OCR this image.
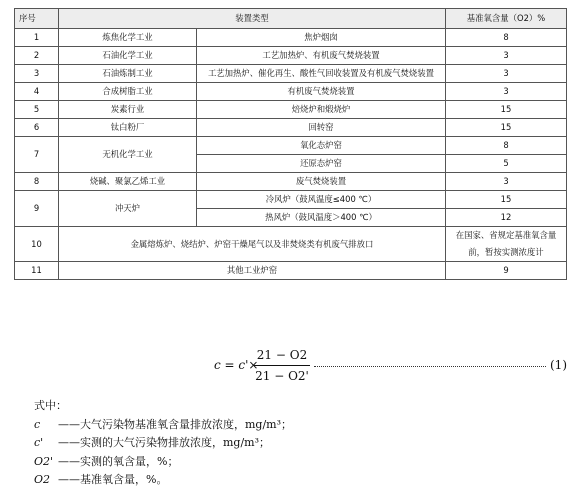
序号	装置类型		基准氧含量（O2）%
1	炼焦化学工业	焦炉烟囱	8
2	石油化学工业	工艺加热炉、有机废气焚烧装置	3
3	石油炼制工业	工艺加热炉、催化再生、酸性气回收装置及有机废气焚烧装置	3
4	合成树脂工业	有机废气焚烧装置	3
5	炭素行业	焙烧炉和煅烧炉	15
6	钛白粉厂	回转窑	15
7	无机化学工业	氧化态炉窑	8
		还原态炉窑	5
8	烧碱、聚氯乙烯工业	废气焚烧装置	3
9	冲天炉	冷风炉（鼓风温度≤400 ℃）	15
		热风炉（鼓风温度＞400 ℃）	12
10	金属熔炼炉、烧结炉、炉窑干燥尾气以及非焚烧类有机废气排放口		在国家、省规定基准氧含量前，暂按实测浓度计
11	其他工业炉窑		9
c = c'×
21 − O2
21 − O2'
(1)
式中：
c ——大气污染物基准氧含量排放浓度，mg/m³；
c' ——实测的大气污染物排放浓度，mg/m³；
O2' ——实测的氧含量，%；
O2 ——基准氧含量，%。
